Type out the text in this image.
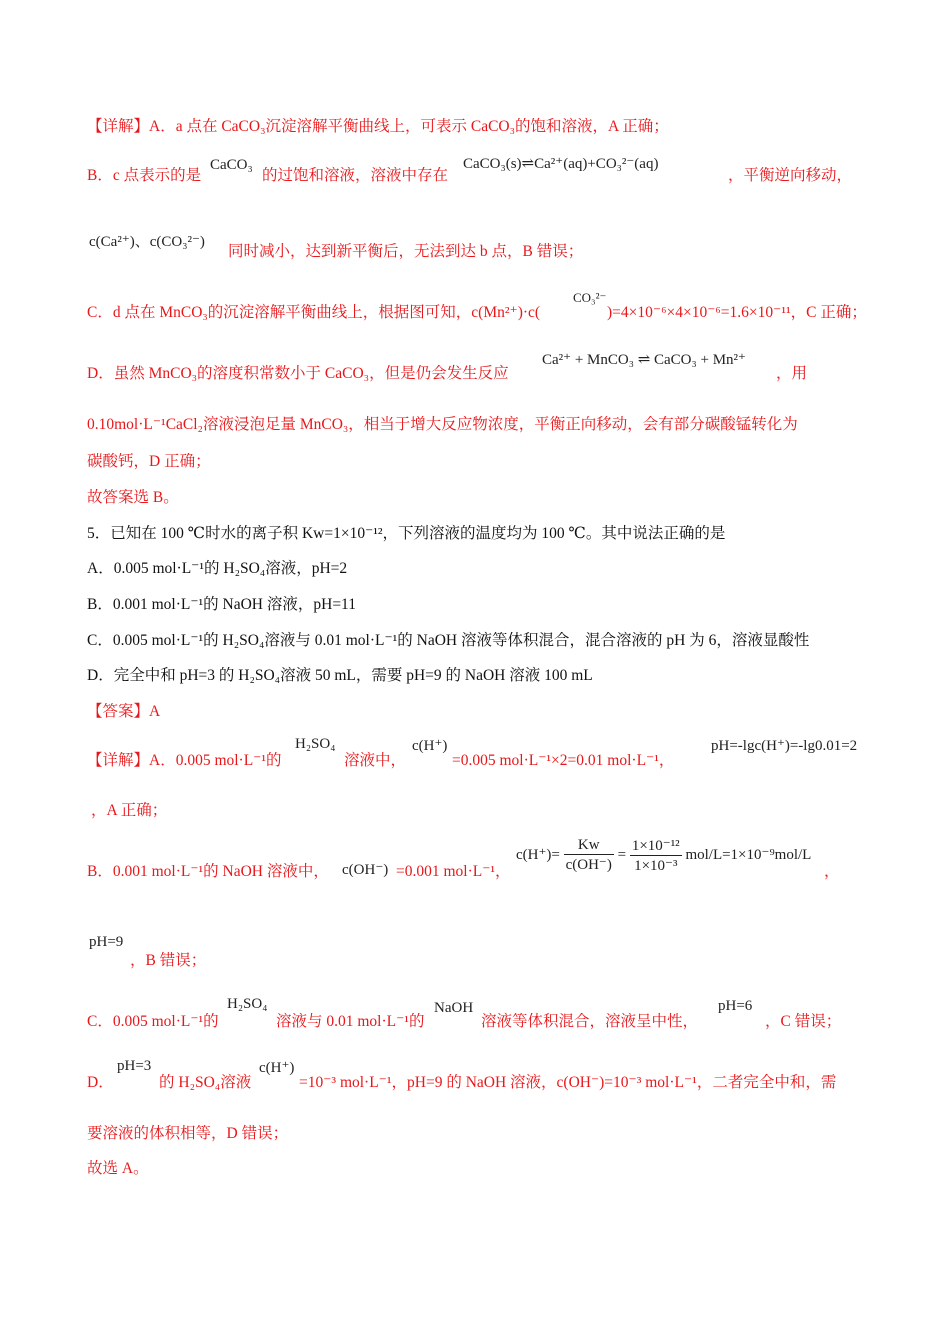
【详解】A．a 点在 CaCO₃沉淀溶解平衡曲线上，可表示 CaCO₃的饱和溶液，A 正确；
B．c 点表示的是
CaCO₃
的过饱和溶液，溶液中存在
CaCO₃(s)⇌Ca²⁺(aq)+CO₃²⁻(aq)
，平衡逆向移动，
c(Ca²⁺)、c(CO₃²⁻)
同时减小，达到新平衡后，无法到达 b 点，B 错误；
C．d 点在 MnCO₃的沉淀溶解平衡曲线上，根据图可知，c(Mn²⁺)·c(
CO₃²⁻
)=4×10⁻⁶×4×10⁻⁶=1.6×10⁻¹¹，C 正确；
D．虽然 MnCO₃的溶度积常数小于 CaCO₃，但是仍会发生反应
Ca²⁺ + MnCO₃ ⇌ CaCO₃ + Mn²⁺
，用
0.10mol·L⁻¹CaCl₂溶液浸泡足量 MnCO₃，相当于增大反应物浓度，平衡正向移动，会有部分碳酸锰转化为
碳酸钙，D 正确；
故答案选 B。
5．已知在 100 ℃时水的离子积 Kw=1×10⁻¹²，下列溶液的温度均为 100 ℃。其中说法正确的是
A．0.005 mol·L⁻¹的 H₂SO₄溶液，pH=2
B．0.001 mol·L⁻¹的 NaOH 溶液，pH=11
C．0.005 mol·L⁻¹的 H₂SO₄溶液与 0.01 mol·L⁻¹的 NaOH 溶液等体积混合，混合溶液的 pH 为 6，溶液显酸性
D．完全中和 pH=3 的 H₂SO₄溶液 50 mL，需要 pH=9 的 NaOH 溶液 100 mL
【答案】A
【详解】A．0.005 mol·L⁻¹的
H₂SO₄
溶液中，
c(H⁺)
=0.005 mol·L⁻¹×2=0.01 mol·L⁻¹，
pH=-lgc(H⁺)=-lg0.01=2
，A 正确；
B．0.001 mol·L⁻¹的 NaOH 溶液中， c(OH⁻) =0.001 mol·L⁻¹，
$c(H^+)= \frac{Kw}{c(OH^-)} = \frac{\text{1×10⁻¹²}}{\text{1×10⁻³}} mol/L=1\times 10^{-9}mol/L$
，
pH=9
，B 错误；
C．0.005 mol·L⁻¹的
H₂SO₄
溶液与 0.01 mol·L⁻¹的
NaOH
溶液等体积混合，溶液呈中性，
pH=6
，C 错误；
D．
pH=3
的 H₂SO₄溶液
c(H⁺)
=10⁻³ mol·L⁻¹，pH=9 的 NaOH 溶液，c(OH⁻)=10⁻³ mol·L⁻¹，二者完全中和，需
要溶液的体积相等，D 错误；
故选 A。
